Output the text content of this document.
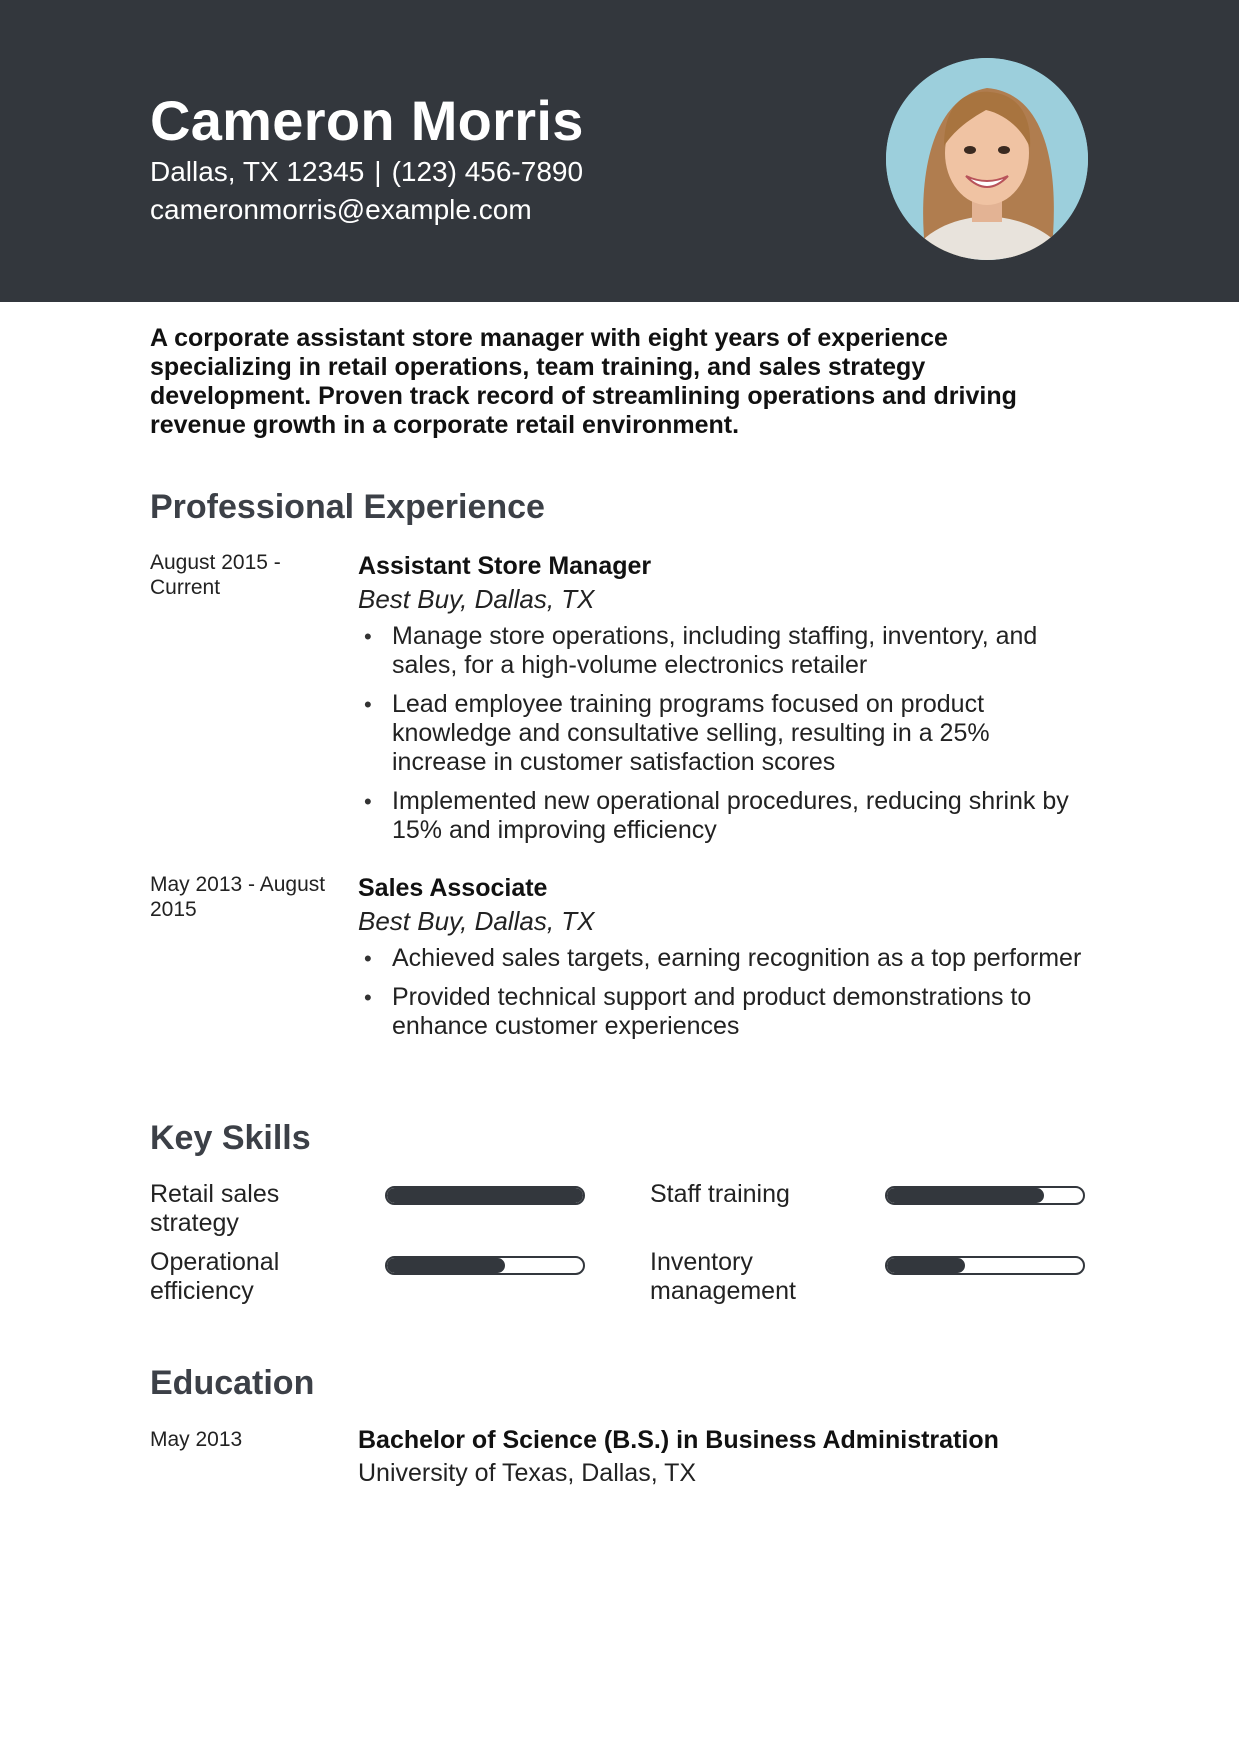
Cameron Morris
Dallas, TX 12345 | (123) 456-7890
cameronmorris@example.com
A corporate assistant store manager with eight years of experience specializing in retail operations, team training, and sales strategy development. Proven track record of streamlining operations and driving revenue growth in a corporate retail environment.
Professional Experience
August 2015 - Current
Assistant Store Manager
Best Buy, Dallas, TX
• Manage store operations, including staffing, inventory, and sales, for a high-volume electronics retailer
• Lead employee training programs focused on product knowledge and consultative selling, resulting in a 25% increase in customer satisfaction scores
• Implemented new operational procedures, reducing shrink by 15% and improving efficiency
May 2013 - August 2015
Sales Associate
Best Buy, Dallas, TX
• Achieved sales targets, earning recognition as a top performer
• Provided technical support and product demonstrations to enhance customer experiences
Key Skills
Retail sales strategy
Staff training
Operational efficiency
Inventory management
Education
May 2013	Bachelor of Science (B.S.) in Business Administration
University of Texas, Dallas, TX
